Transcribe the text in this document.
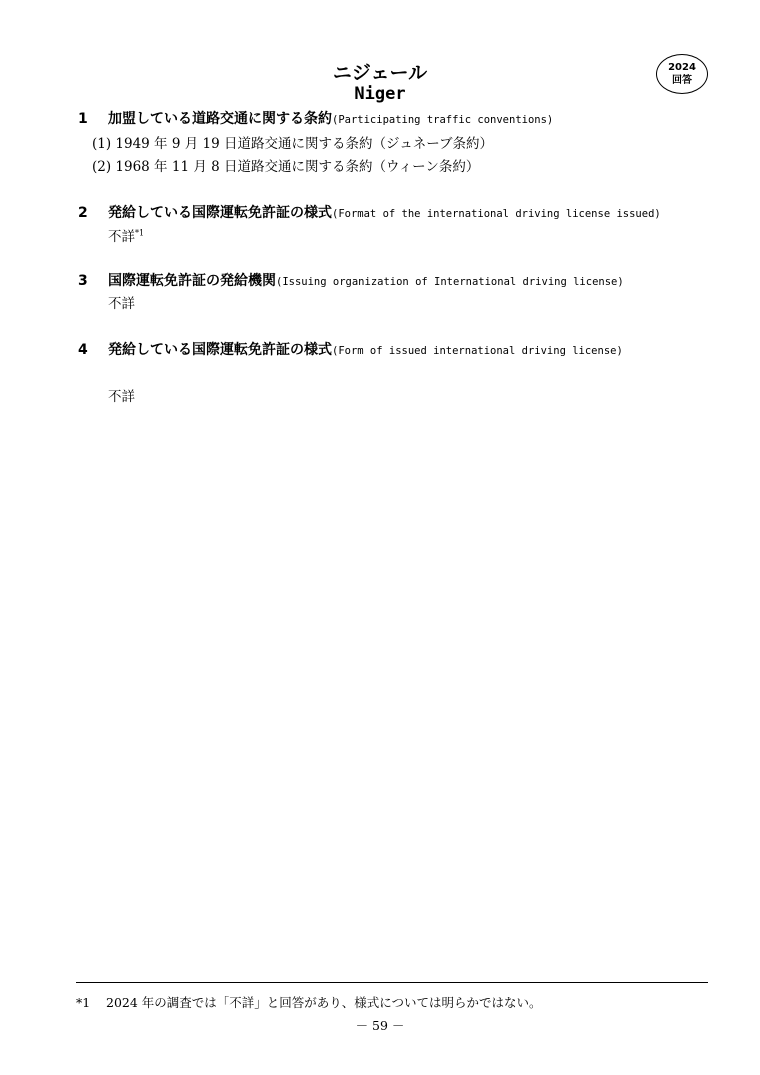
ニジェール
Niger
2024
回答
1 加盟している道路交通に関する条約(Participating traffic conventions)
(1) 1949 年 9 月 19 日道路交通に関する条約（ジュネーブ条約）
(2) 1968 年 11 月 8 日道路交通に関する条約（ウィーン条約）
2 発給している国際運転免許証の様式(Format of the international driving license issued)
不詳$^{*1}$
3 国際運転免許証の発給機関(Issuing organization of International driving license)
不詳
4 発給している国際運転免許証の様式(Form of issued international driving license)
不詳
*1 2024 年の調査では「不詳」と回答があり、様式については明らかではない。
－ 59 －
